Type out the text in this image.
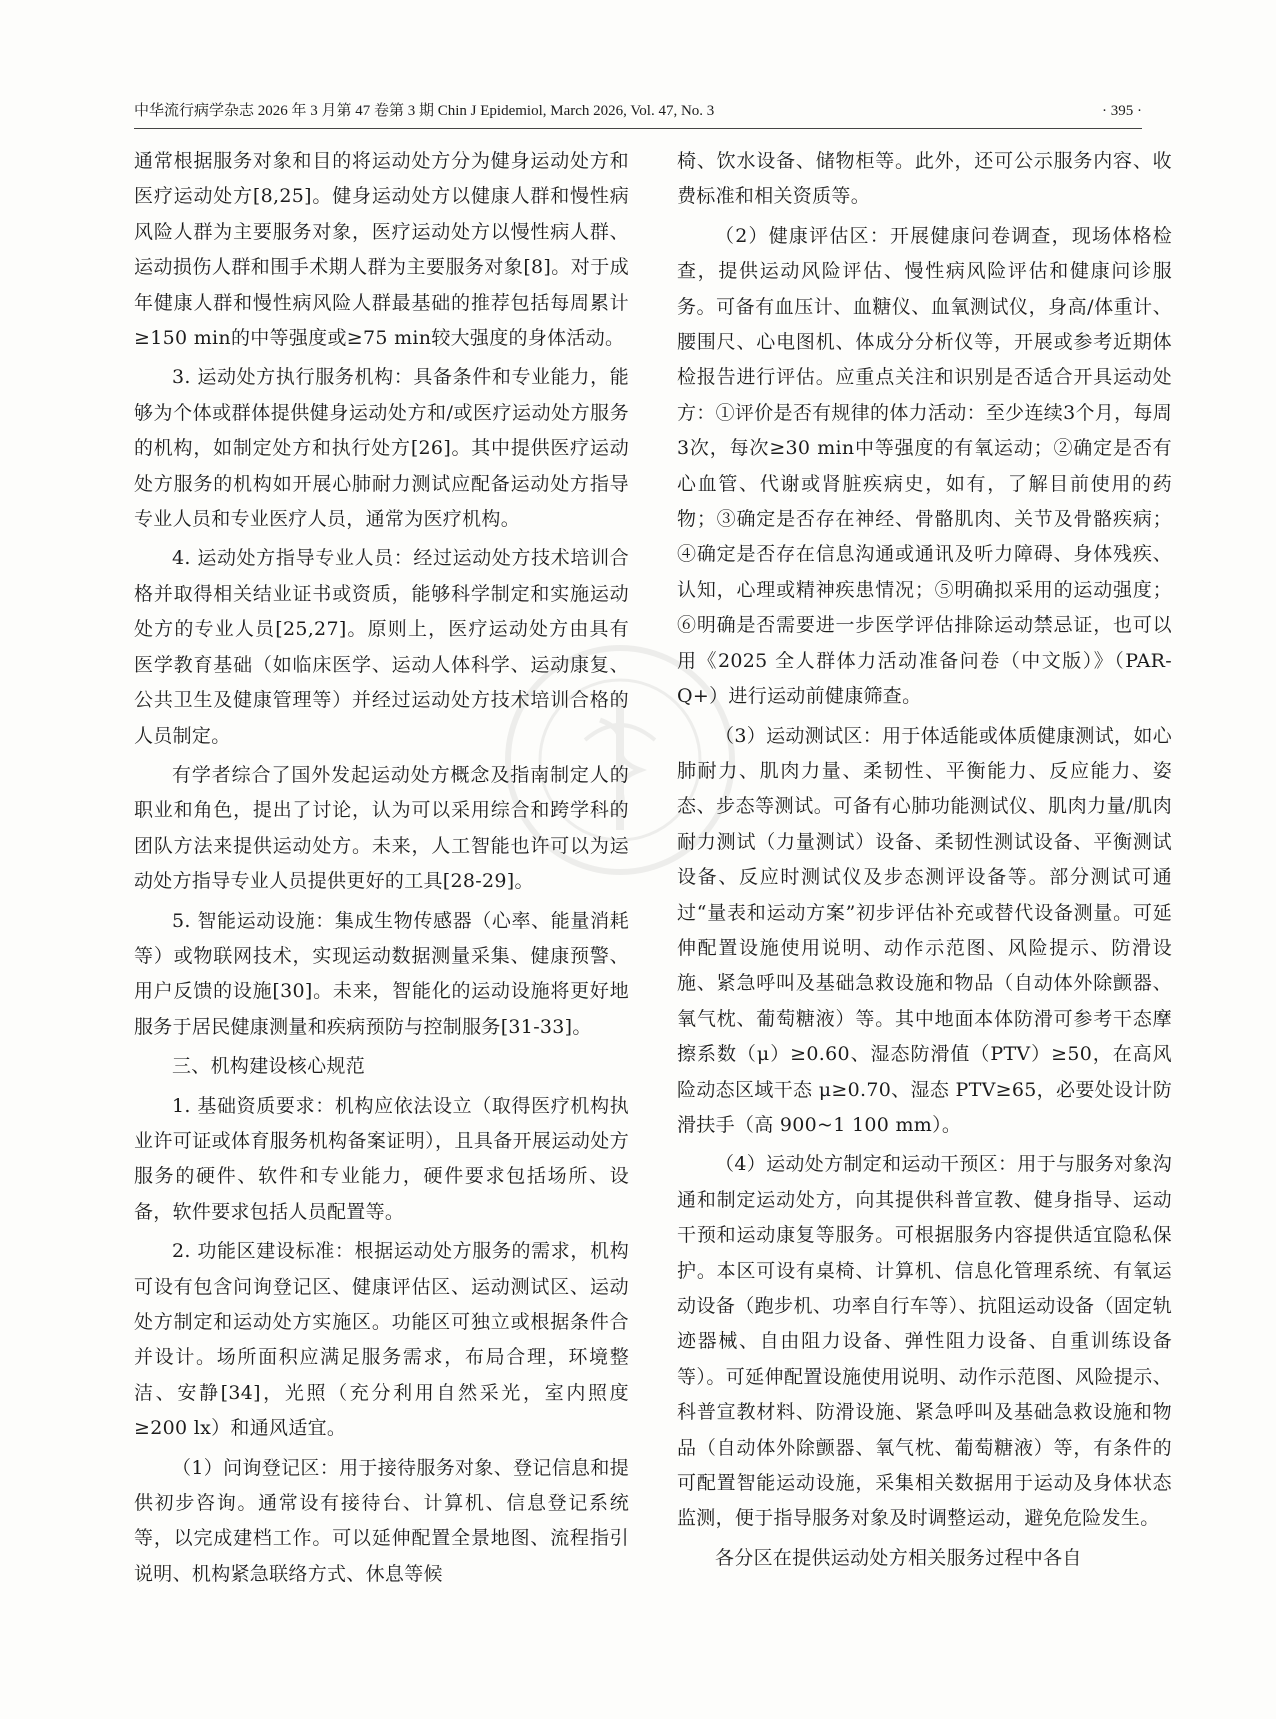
中华流行病学杂志 2026 年 3 月第 47 卷第 3 期 Chin J Epidemiol, March 2026, Vol. 47, No. 3	· 395 ·

通常根据服务对象和目的将运动处方分为健身运动处方和医疗运动处方[8,25]。健身运动处方以健康人群和慢性病风险人群为主要服务对象，医疗运动处方以慢性病人群、运动损伤人群和围手术期人群为主要服务对象[8]。对于成年健康人群和慢性病风险人群最基础的推荐包括每周累计≥150 min的中等强度或≥75 min较大强度的身体活动。

3. 运动处方执行服务机构：具备条件和专业能力，能够为个体或群体提供健身运动处方和/或医疗运动处方服务的机构，如制定处方和执行处方[26]。其中提供医疗运动处方服务的机构如开展心肺耐力测试应配备运动处方指导专业人员和专业医疗人员，通常为医疗机构。

4. 运动处方指导专业人员：经过运动处方技术培训合格并取得相关结业证书或资质，能够科学制定和实施运动处方的专业人员[25,27]。原则上，医疗运动处方由具有医学教育基础（如临床医学、运动人体科学、运动康复、公共卫生及健康管理等）并经过运动处方技术培训合格的人员制定。

有学者综合了国外发起运动处方概念及指南制定人的职业和角色，提出了讨论，认为可以采用综合和跨学科的团队方法来提供运动处方。未来，人工智能也许可以为运动处方指导专业人员提供更好的工具[28-29]。

5. 智能运动设施：集成生物传感器（心率、能量消耗等）或物联网技术，实现运动数据测量采集、健康预警、用户反馈的设施[30]。未来，智能化的运动设施将更好地服务于居民健康测量和疾病预防与控制服务[31-33]。

三、机构建设核心规范

1. 基础资质要求：机构应依法设立（取得医疗机构执业许可证或体育服务机构备案证明），且具备开展运动处方服务的硬件、软件和专业能力，硬件要求包括场所、设备，软件要求包括人员配置等。

2. 功能区建设标准：根据运动处方服务的需求，机构可设有包含问询登记区、健康评估区、运动测试区、运动处方制定和运动处方实施区。功能区可独立或根据条件合并设计。场所面积应满足服务需求，布局合理，环境整洁、安静[34]，光照（充分利用自然采光，室内照度≥200 lx）和通风适宜。

（1）问询登记区：用于接待服务对象、登记信息和提供初步咨询。通常设有接待台、计算机、信息登记系统等，以完成建档工作。可以延伸配置全景地图、流程指引说明、机构紧急联络方式、休息等候

椅、饮水设备、储物柜等。此外，还可公示服务内容、收费标准和相关资质等。

（2）健康评估区：开展健康问卷调查，现场体格检查，提供运动风险评估、慢性病风险评估和健康问诊服务。可备有血压计、血糖仪、血氧测试仪，身高/体重计、腰围尺、心电图机、体成分分析仪等，开展或参考近期体检报告进行评估。应重点关注和识别是否适合开具运动处方：①评价是否有规律的体力活动：至少连续3个月，每周3次，每次≥30 min中等强度的有氧运动；②确定是否有心血管、代谢或肾脏疾病史，如有，了解目前使用的药物；③确定是否存在神经、骨骼肌肉、关节及骨骼疾病；④确定是否存在信息沟通或通讯及听力障碍、身体残疾、认知，心理或精神疾患情况；⑤明确拟采用的运动强度；⑥明确是否需要进一步医学评估排除运动禁忌证，也可以用《2025 全人群体力活动准备问卷（中文版）》（PAR-Q+）进行运动前健康筛查。

（3）运动测试区：用于体适能或体质健康测试，如心肺耐力、肌肉力量、柔韧性、平衡能力、反应能力、姿态、步态等测试。可备有心肺功能测试仪、肌肉力量/肌肉耐力测试（力量测试）设备、柔韧性测试设备、平衡测试设备、反应时测试仪及步态测评设备等。部分测试可通过“量表和运动方案”初步评估补充或替代设备测量。可延伸配置设施使用说明、动作示范图、风险提示、防滑设施、紧急呼叫及基础急救设施和物品（自动体外除颤器、氧气枕、葡萄糖液）等。其中地面本体防滑可参考干态摩擦系数（μ）≥0.60、湿态防滑值（PTV）≥50，在高风险动态区域干态 μ≥0.70、湿态 PTV≥65，必要处设计防滑扶手（高 900~1 100 mm）。

（4）运动处方制定和运动干预区：用于与服务对象沟通和制定运动处方，向其提供科普宣教、健身指导、运动干预和运动康复等服务。可根据服务内容提供适宜隐私保护。本区可设有桌椅、计算机、信息化管理系统、有氧运动设备（跑步机、功率自行车等）、抗阻运动设备（固定轨迹器械、自由阻力设备、弹性阻力设备、自重训练设备等）。可延伸配置设施使用说明、动作示范图、风险提示、科普宣教材料、防滑设施、紧急呼叫及基础急救设施和物品（自动体外除颤器、氧气枕、葡萄糖液）等，有条件的可配置智能运动设施，采集相关数据用于运动及身体状态监测，便于指导服务对象及时调整运动，避免危险发生。

各分区在提供运动处方相关服务过程中各自
